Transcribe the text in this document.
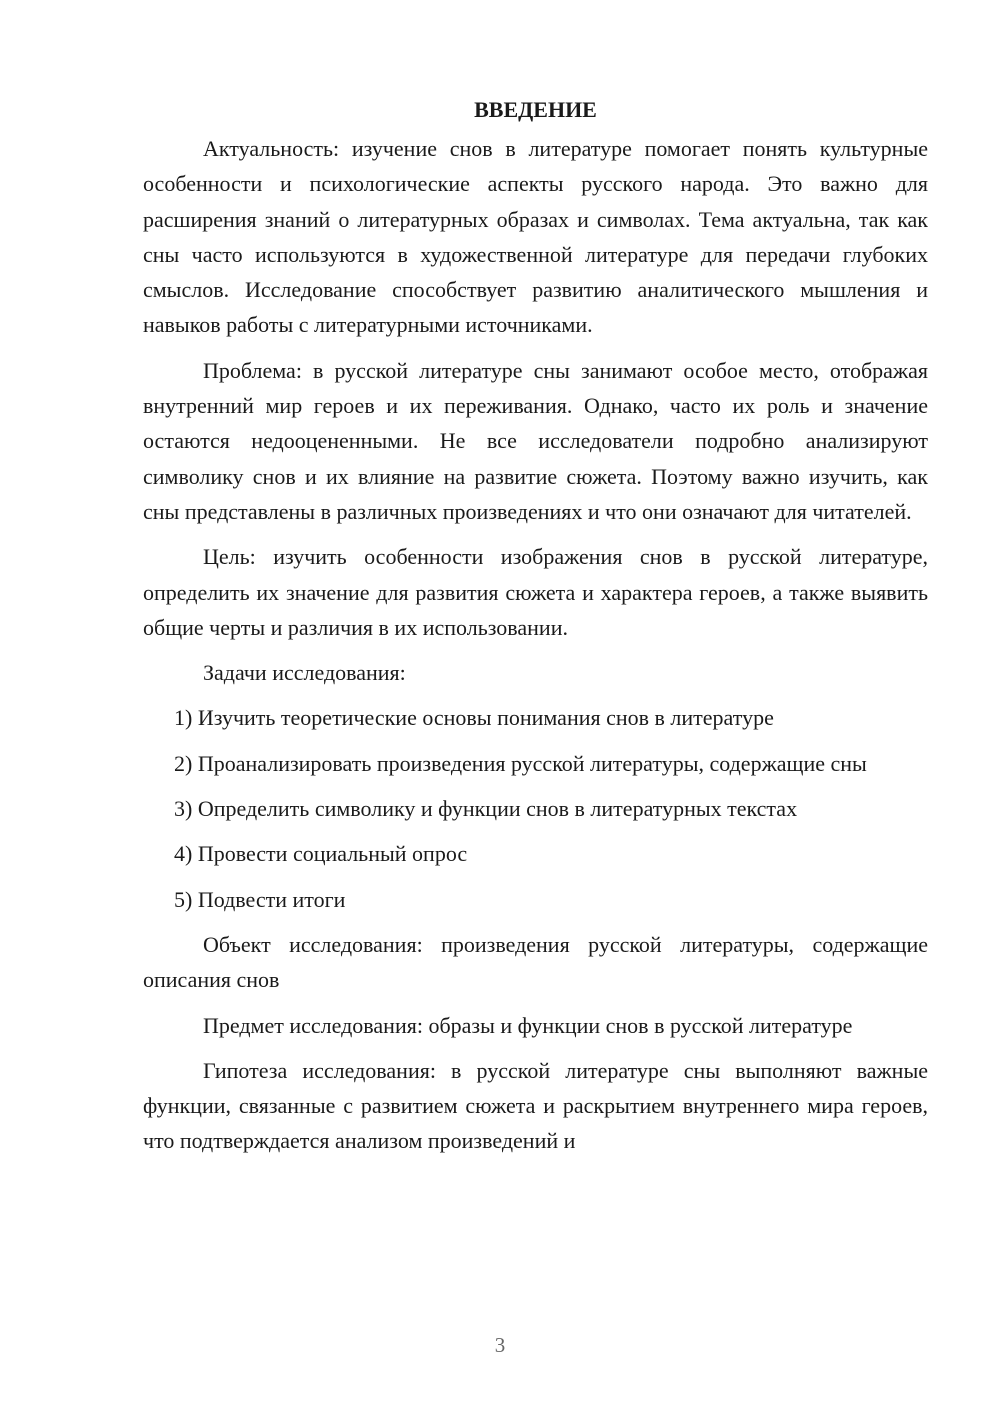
ВВЕДЕНИЕ

Актуальность: изучение снов в литературе помогает понять культурные особенности и психологические аспекты русского народа. Это важно для расширения знаний о литературных образах и символах. Тема актуальна, так как сны часто используются в художественной литературе для передачи глубоких смыслов. Исследование способствует развитию аналитического мышления и навыков работы с литературными источниками.

Проблема: в русской литературе сны занимают особое место, отображая внутренний мир героев и их переживания. Однако, часто их роль и значение остаются недооцененными. Не все исследователи подробно анализируют символику снов и их влияние на развитие сюжета. Поэтому важно изучить, как сны представлены в различных произведениях и что они означают для читателей.

Цель: изучить особенности изображения снов в русской литературе, определить их значение для развития сюжета и характера героев, а также выявить общие черты и различия в их использовании.

Задачи исследования:

1) Изучить теоретические основы понимания снов в литературе

2) Проанализировать произведения русской литературы, содержащие сны

3) Определить символику и функции снов в литературных текстах

4) Провести социальный опрос

5) Подвести итоги

Объект исследования: произведения русской литературы, содержащие описания снов

Предмет исследования: образы и функции снов в русской литературе

Гипотеза исследования: в русской литературе сны выполняют важные функции, связанные с развитием сюжета и раскрытием внутреннего мира героев, что подтверждается анализом произведений и

3
